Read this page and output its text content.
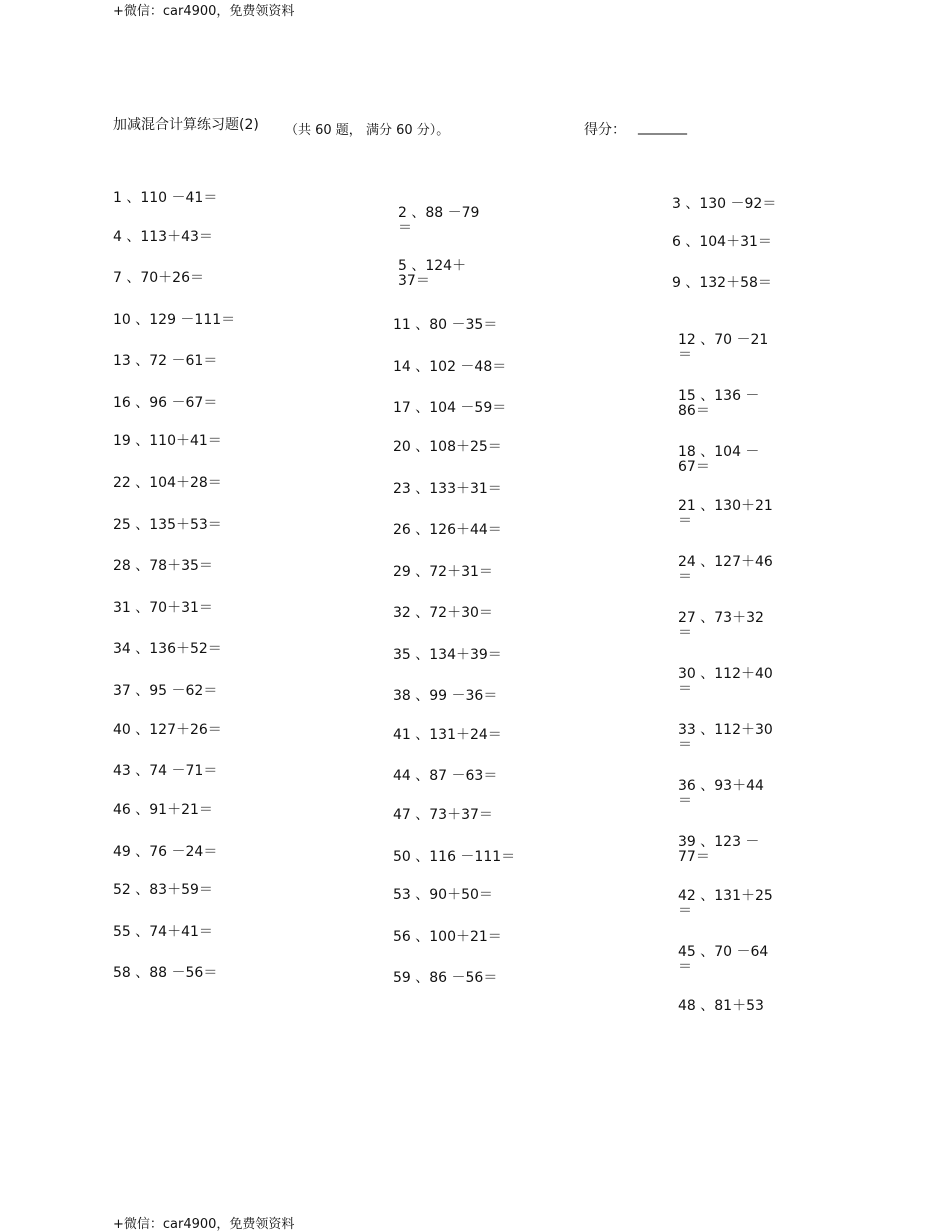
+微信：car4900，免费领资料
+微信：car4900，免费领资料
加减混合计算练习题(2) （共 60 题， 满分 60 分）。	得分： _______
1 、110 －41＝
4 、113＋43＝
7 、70＋26＝
10 、129 －111＝
13 、72 －61＝
16 、96 －67＝
19 、110＋41＝
22 、104＋28＝
25 、135＋53＝
28 、78＋35＝
31 、70＋31＝
34 、136＋52＝
37 、95 －62＝
40 、127＋26＝
43 、74 －71＝
46 、91＋21＝
49 、76 －24＝
52 、83＋59＝
55 、74＋41＝
58 、88 －56＝
2 、88 －79
＝
5 、124＋
37＝
11 、80 －35＝
14 、102 －48＝
17 、104 －59＝
20 、108＋25＝
23 、133＋31＝
26 、126＋44＝
29 、72＋31＝
32 、72＋30＝
35 、134＋39＝
38 、99 －36＝
41 、131＋24＝
44 、87 －63＝
47 、73＋37＝
50 、116 －111＝
53 、90＋50＝
56 、100＋21＝
59 、86 －56＝
3 、130 －92＝
6 、104＋31＝
9 、132＋58＝
12 、70 －21
＝
15 、136 －
86＝
18 、104 －
67＝
21 、130＋21
＝
24 、127＋46
＝
27 、73＋32
＝
30 、112＋40
＝
33 、112＋30
＝
36 、93＋44
＝
39 、123 －
77＝
42 、131＋25
＝
45 、70 －64
＝
48 、81＋53
